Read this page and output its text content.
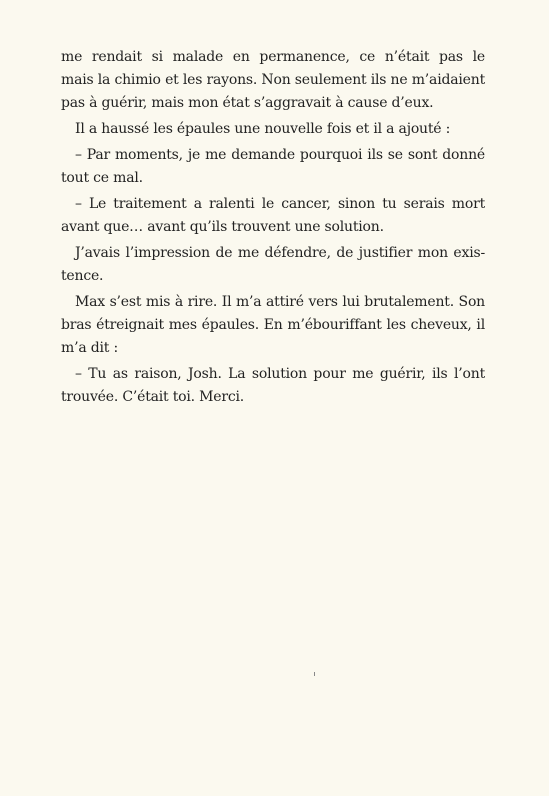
me rendait si malade en permanence, ce n’était pas le
mais la chimio et les rayons. Non seulement ils ne m’aidaient
pas à guérir, mais mon état s’aggravait à cause d’eux.
Il a haussé les épaules une nouvelle fois et il a ajouté :
– Par moments, je me demande pourquoi ils se sont donné
tout ce mal.
– Le traitement a ralenti le cancer, sinon tu serais mort
avant que… avant qu’ils trouvent une solution.
J’avais l’impression de me défendre, de justifier mon exis-
tence.
Max s’est mis à rire. Il m’a attiré vers lui brutalement. Son
bras étreignait mes épaules. En m’ébouriffant les cheveux, il
m’a dit :
– Tu as raison, Josh. La solution pour me guérir, ils l’ont
trouvée. C’était toi. Merci.
